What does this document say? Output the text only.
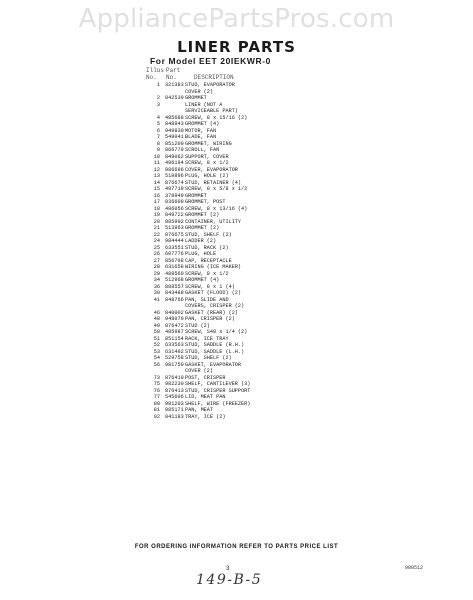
AppliancePartsPros.com
LINER PARTS
For Model EET 20IEKWR-0
Illus Part
No. No.	DESCRIPTION
1 321383 STUD, EVAPORATOR
COVER (2)
2 842539 GROMMET
3	LINER (NOT A
SERVICEABLE PART)
4 485688 SCREW, 8 x 15/16 (2)
5 848943 GROMMET (4)
6 949830 MOTOR, FAN
7 549041 BLADE, FAN
8 851200 GROMMET, WIRING
9 866779 SCROLL, FAN
10 849062 SUPPORT, COVER
11 496194 SCREW, 8 x 1/2
12 986696 COVER, EVAPORATOR
13 519896 PLUG, HOLE (2)
14 876674 STUD, RETAINER (4)
15 487719 SCREW, 8 x 5/8 x 1/2
16 378949 GROMMET
17 836609 GROMMET, POST
18 486056 SCREW, 8 x 13/16 (4)
19 849722 GROMMET (2)
20 985992 CONTAINER, UTILITY
21 513963 GROMMET (2)
22 876675 STUD, SHELF (2)
24 984444 LADDER (2)
25 633551 STUD, RACK (2)
26 607776 PLUG, HOLE
27 856708 CAP, RECEPTACLE
28 631658 WIRING (ICE MAKER)
29 488560 SCREW, 8 x 1/2
34 512968 GROMMET (4)
36 888557 SCREW, 8 x 1 (4)
39 843488 GASKET (FLOOD) (2)
41 848766 PAN, SLIDE AND
COVERS, CRISPER (2)
46 840002 GASKET (REAR) (2)
48 948070 PAN, CRISPER (2)
49 876472 STUD (2)
50 485987 SCREW, S48 x 1/4 (2)
51 851154 RACK, ICE TRAY
52 633563 STUD, SADDLE (R.H.)
53 631492 STUD, SADDLE (L.H.)
54 529758 STUD, SHELF (2)
56 981750 GASKET, EVAPORATOR
COVER (2)
73 876410 POST, CRISPER
75 982230 SHELF, CANTILEVER (3)
76 876413 STUD, CRISPER SUPPORT
77 545606 LID, MEAT PAN
80 981203 SHELF, WIRE (FREEZER)
81 985171 PAN, MEAT
92 841183 TRAY, ICE (2)
FOR ORDERING INFORMATION REFER TO PARTS PRICE LIST
3	980512
149-B-5
